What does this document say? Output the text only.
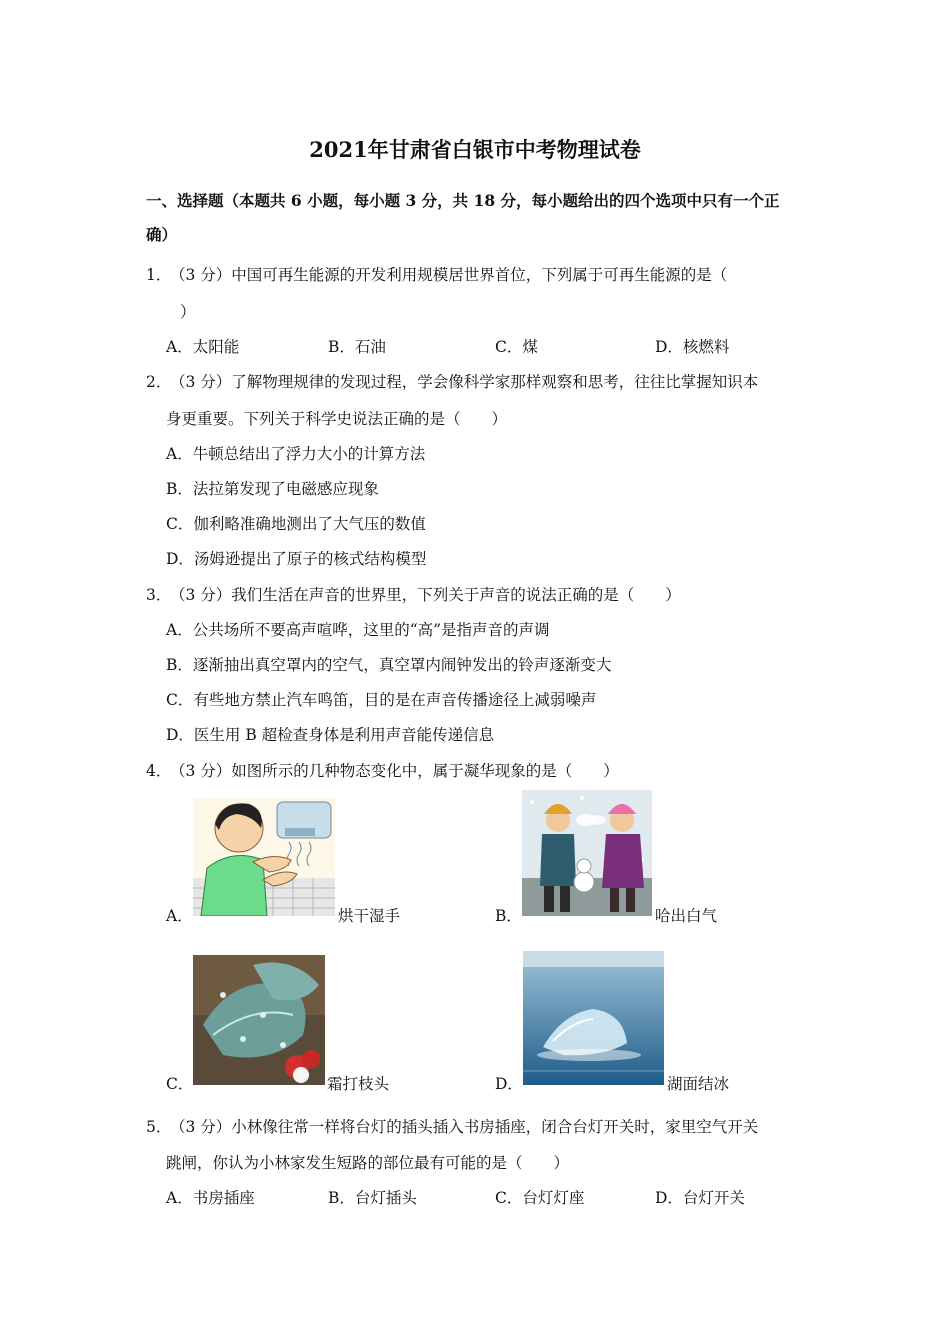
2021年甘肃省白银市中考物理试卷
一、选择题（本题共 6 小题，每小题 3 分，共 18 分，每小题给出的四个选项中只有一个正
确）
1．
（3 分）中国可再生能源的开发利用规模居世界首位，下列属于可再生能源的是（
）
A．太阳能	B．石油	C．煤	D．核燃料
2．
（3 分）了解物理规律的发现过程，学会像科学家那样观察和思考，往往比掌握知识本
身更重要。下列关于科学史说法正确的是（　　）
A．牛顿总结出了浮力大小的计算方法
B．法拉第发现了电磁感应现象
C．伽利略准确地测出了大气压的数值
D．汤姆逊提出了原子的核式结构模型
3．
（3 分）我们生活在声音的世界里，下列关于声音的说法正确的是（　　）
A．公共场所不要高声喧哗，这里的“高”是指声音的声调
B．逐渐抽出真空罩内的空气，真空罩内闹钟发出的铃声逐渐变大
C．有些地方禁止汽车鸣笛，目的是在声音传播途径上减弱噪声
D．医生用 B 超检查身体是利用声音能传递信息
4．
（3 分）如图所示的几种物态变化中，属于凝华现象的是（　　）
A．	烘干湿手	B．	哈出白气
C．	霜打枝头	D．	湖面结冰
5．
（3 分）小林像往常一样将台灯的插头插入书房插座，闭合台灯开关时，家里空气开关
跳闸，你认为小林家发生短路的部位最有可能的是（　　）
A．书房插座	B．台灯插头	C．台灯灯座	D．台灯开关
